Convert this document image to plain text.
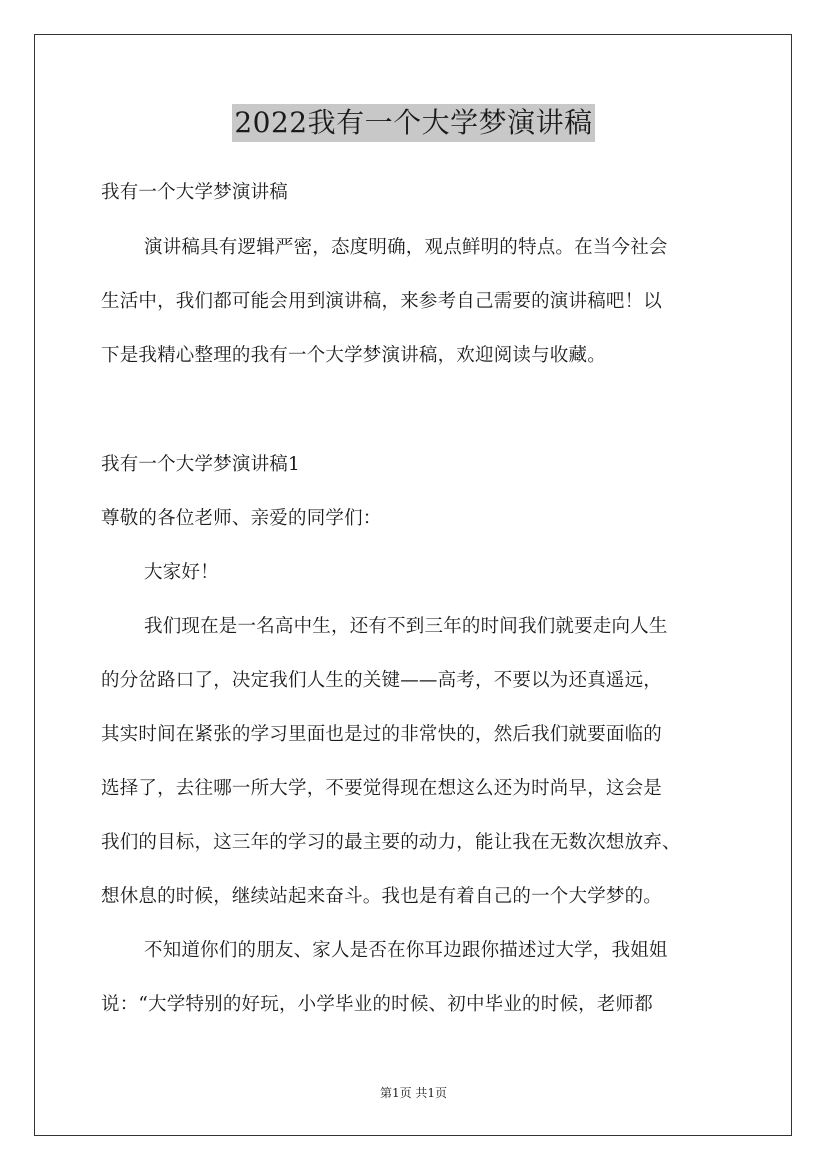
2022我有一个大学梦演讲稿
我有一个大学梦演讲稿
演讲稿具有逻辑严密，态度明确，观点鲜明的特点。在当今社会
生活中，我们都可能会用到演讲稿，来参考自己需要的演讲稿吧！以
下是我精心整理的我有一个大学梦演讲稿，欢迎阅读与收藏。
我有一个大学梦演讲稿1
尊敬的各位老师、亲爱的同学们：
大家好！
我们现在是一名高中生，还有不到三年的时间我们就要走向人生
的分岔路口了，决定我们人生的关键——高考，不要以为还真遥远，
其实时间在紧张的学习里面也是过的非常快的，然后我们就要面临的
选择了，去往哪一所大学，不要觉得现在想这么还为时尚早，这会是
我们的目标，这三年的学习的最主要的动力，能让我在无数次想放弃、
想休息的时候，继续站起来奋斗。我也是有着自己的一个大学梦的。
不知道你们的朋友、家人是否在你耳边跟你描述过大学，我姐姐
说：“大学特别的好玩，小学毕业的时候、初中毕业的时候，老师都
第1页 共1页
